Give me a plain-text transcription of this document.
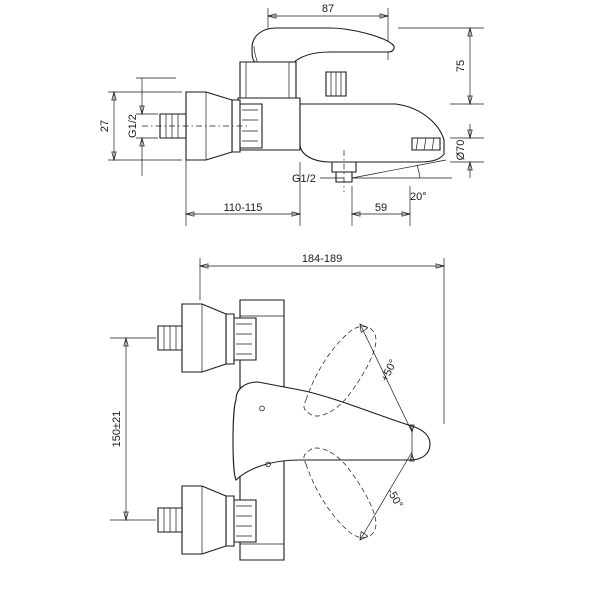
87
27 G1/2
75
Ø70
G1/2
20°
110-115	59
184-189
+50°
-50°
150±21
